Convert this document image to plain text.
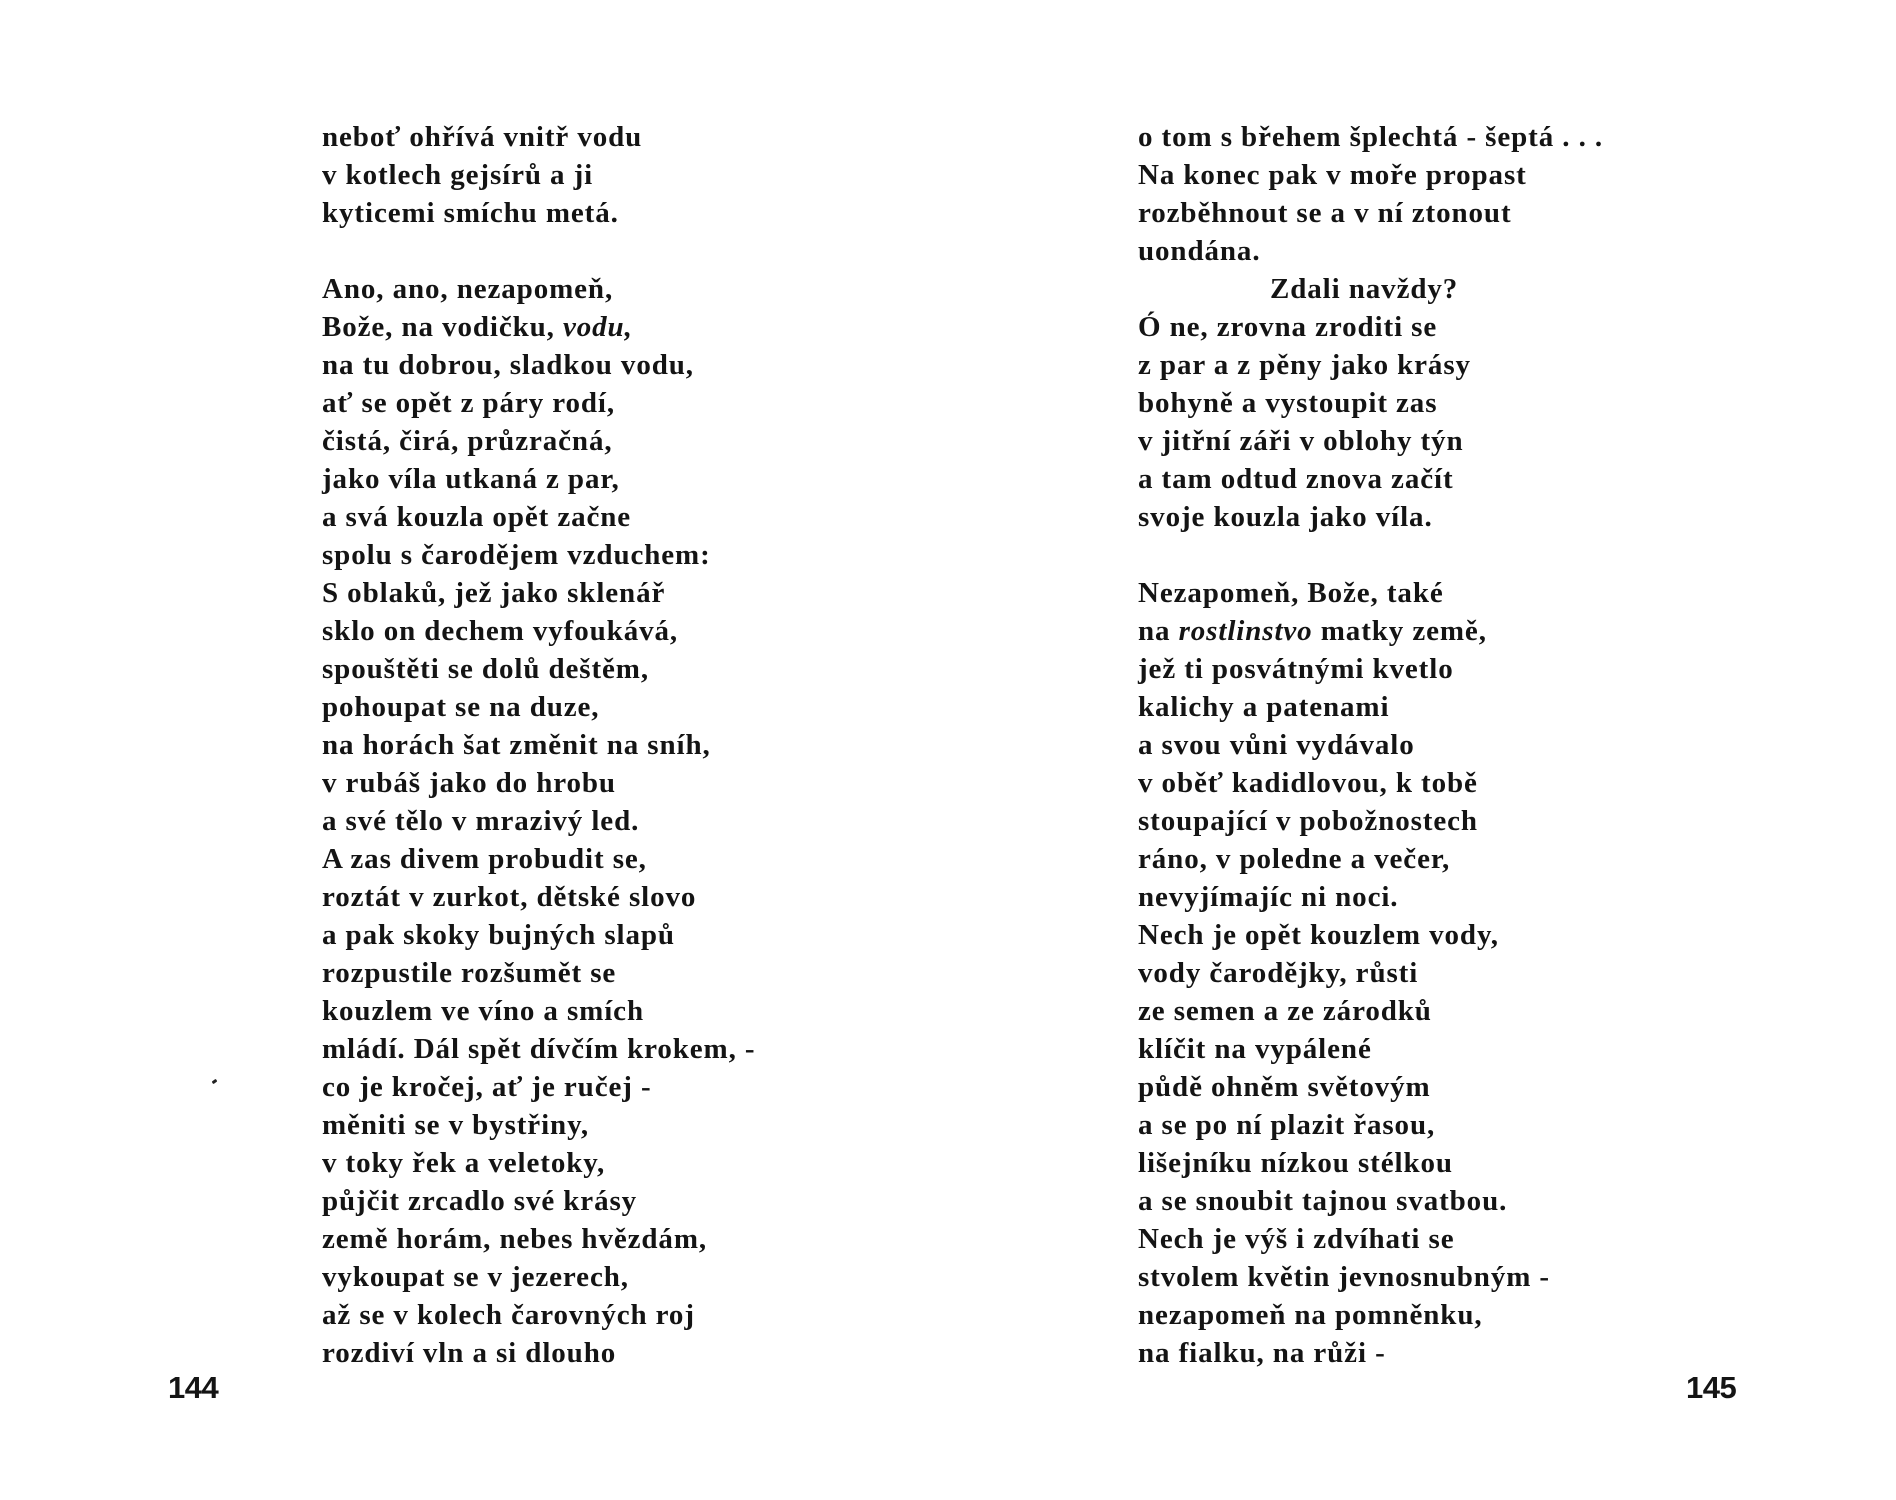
neboť ohřívá vnitř vodu
v kotlech gejsírů a ji
kyticemi smíchu metá.
Ano, ano, nezapomeň,
Bože, na vodičku, vodu,
na tu dobrou, sladkou vodu,
ať se opět z páry rodí,
čistá, čirá, průzračná,
jako víla utkaná z par,
a svá kouzla opět začne
spolu s čarodějem vzduchem:
S oblaků, jež jako sklenář
sklo on dechem vyfoukává,
spouštěti se dolů deštěm,
pohoupat se na duze,
na horách šat změnit na sníh,
v rubáš jako do hrobu
a své tělo v mrazivý led.
A zas divem probudit se,
roztát v zurkot, dětské slovo
a pak skoky bujných slapů
rozpustile rozšumět se
kouzlem ve víno a smích
mládí. Dál spět dívčím krokem, -
co je kročej, ať je ručej -
měniti se v bystřiny,
v toky řek a veletoky,
půjčit zrcadlo své krásy
země horám, nebes hvězdám,
vykoupat se v jezerech,
až se v kolech čarovných roj
rozdiví vln a si dlouho
144
o tom s břehem šplechtá - šeptá . . .
Na konec pak v moře propast
rozběhnout se a v ní ztonout
uondána.
Zdali navždy?
Ó ne, zrovna zroditi se
z par a z pěny jako krásy
bohyně a vystoupit zas
v jitřní záři v oblohy týn
a tam odtud znova začít
svoje kouzla jako víla.
Nezapomeň, Bože, také
na rostlinstvo matky země,
jež ti posvátnými kvetlo
kalichy a patenami
a svou vůni vydávalo
v oběť kadidlovou, k tobě
stoupající v pobožnostech
ráno, v poledne a večer,
nevyjímajíc ni noci.
Nech je opět kouzlem vody,
vody čarodějky, růsti
ze semen a ze zárodků
klíčit na vypálené
půdě ohněm světovým
a se po ní plazit řasou,
lišejníku nízkou stélkou
a se snoubit tajnou svatbou.
Nech je výš i zdvíhati se
stvolem květin jevnosnubným -
nezapomeň na pomněnku,
na fialku, na růži -
145
